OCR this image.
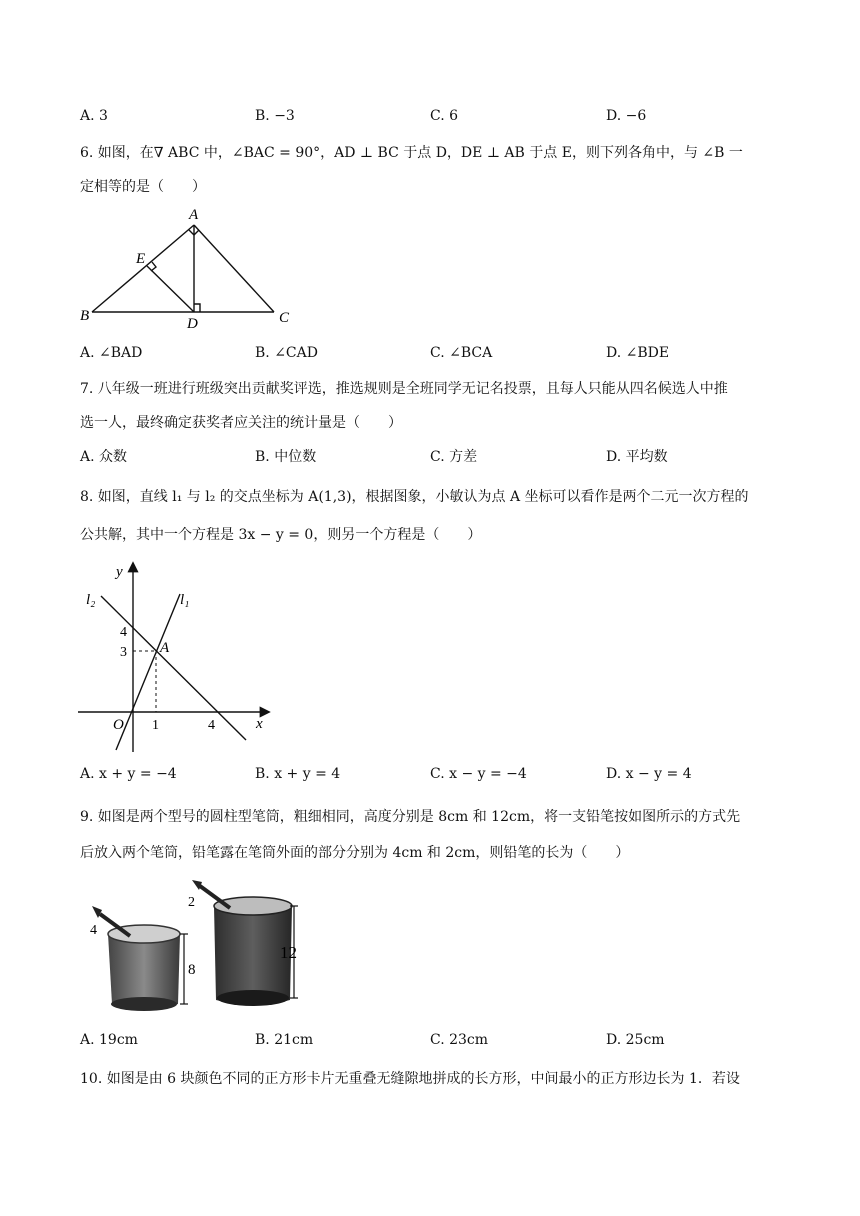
A. 3	B. −3	C. 6	D. −6
6. 如图，在∇ ABC 中，∠BAC = 90°，AD ⊥ BC 于点 D，DE ⊥ AB 于点 E，则下列各角中，与 ∠B 一
定相等的是（　　）
A
B	C
D
E
A. ∠BAD	B. ∠CAD	C. ∠BCA	D. ∠BDE
7. 八年级一班进行班级突出贡献奖评选，推选规则是全班同学无记名投票，且每人只能从四名候选人中推
选一人，最终确定获奖者应关注的统计量是（　　）
A. 众数	B. 中位数	C. 方差	D. 平均数
8. 如图，直线 l₁ 与 l₂ 的交点坐标为 A(1,3)，根据图象，小敏认为点 A 坐标可以看作是两个二元一次方程的
公共解，其中一个方程是 3x − y = 0，则另一个方程是（　　）
y
x
O
l₂	l₁
A
4
3
1	4
A. x + y = −4	B. x + y = 4	C. x − y = −4	D. x − y = 4
9. 如图是两个型号的圆柱型笔筒，粗细相同，高度分别是 8cm 和 12cm，将一支铅笔按如图所示的方式先
后放入两个笔筒，铅笔露在笔筒外面的部分分别为 4cm 和 2cm，则铅笔的长为（　　）
4
8
2
12
A. 19cm	B. 21cm	C. 23cm	D. 25cm
10. 如图是由 6 块颜色不同的正方形卡片无重叠无缝隙地拼成的长方形，中间最小的正方形边长为 1．若设
